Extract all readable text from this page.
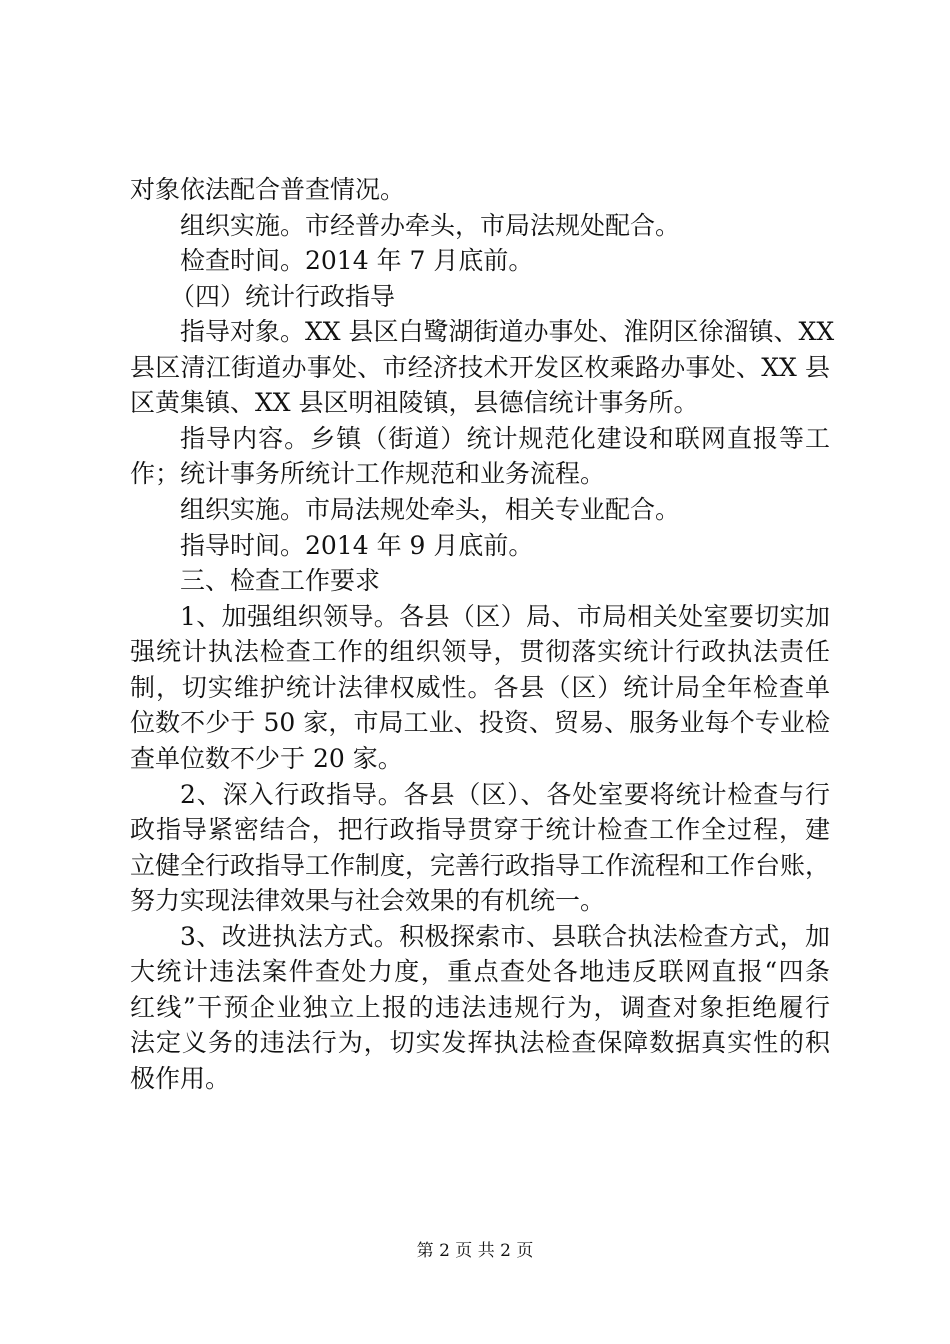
对象依法配合普查情况。
组织实施。市经普办牵头，市局法规处配合。
检查时间。2014 年 7 月底前。
（四）统计行政指导
指导对象。XX 县区白鹭湖街道办事处、淮阴区徐溜镇、XX
县区清江街道办事处、市经济技术开发区枚乘路办事处、XX 县
区黄集镇、XX 县区明祖陵镇，县德信统计事务所。
指导内容。乡镇（街道）统计规范化建设和联网直报等工
作；统计事务所统计工作规范和业务流程。
组织实施。市局法规处牵头，相关专业配合。
指导时间。2014 年 9 月底前。
三、检查工作要求
1、加强组织领导。各县（区）局、市局相关处室要切实加
强统计执法检查工作的组织领导，贯彻落实统计行政执法责任
制，切实维护统计法律权威性。各县（区）统计局全年检查单
位数不少于 50 家，市局工业、投资、贸易、服务业每个专业检
查单位数不少于 20 家。
2、深入行政指导。各县（区）、各处室要将统计检查与行
政指导紧密结合，把行政指导贯穿于统计检查工作全过程，建
立健全行政指导工作制度，完善行政指导工作流程和工作台账，
努力实现法律效果与社会效果的有机统一。
3、改进执法方式。积极探索市、县联合执法检查方式，加
大统计违法案件查处力度，重点查处各地违反联网直报“四条
红线”干预企业独立上报的违法违规行为，调查对象拒绝履行
法定义务的违法行为，切实发挥执法检查保障数据真实性的积
极作用。
第 2 页 共 2 页
